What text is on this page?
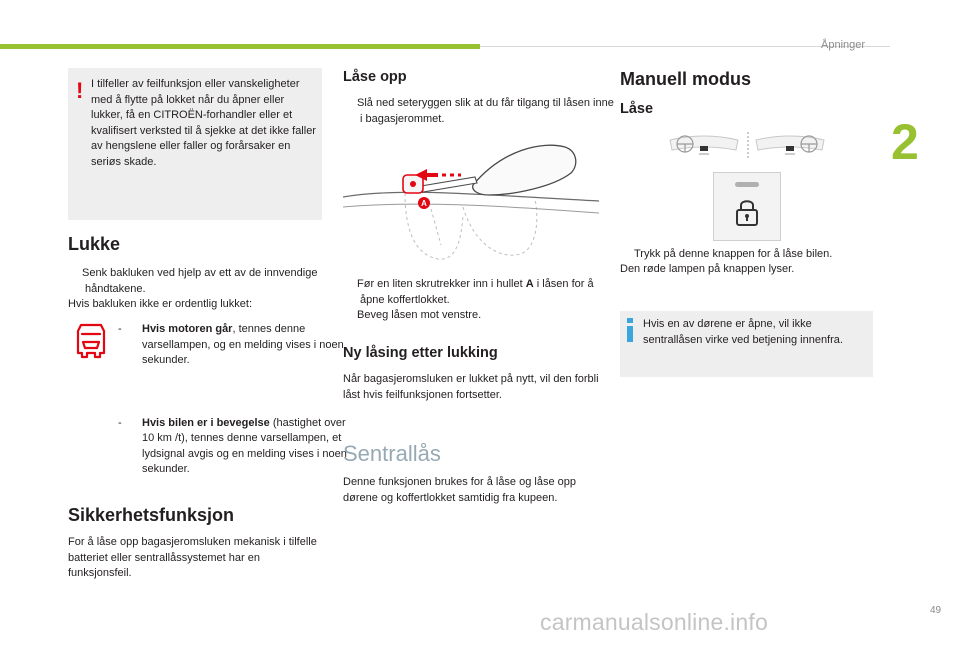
Åpninger
2
! I tilfeller av feilfunksjon eller vanskeligheter med å flytte på lokket når du åpner eller lukker, få en CITROËN-forhandler eller et kvalifisert verksted til å sjekke at det ikke faller av hengslene eller faller og forårsaker en seriøs skade.

Lukke

Senk bakluken ved hjelp av ett av de innvendige håndtakene.

Hvis bakluken ikke er ordentlig lukket:

- Hvis motoren går, tennes denne varsellampen, og en melding vises i noen sekunder.
- Hvis bilen er i bevegelse (hastighet over 10 km /t), tennes denne varsellampen, et lydsignal avgis og en melding vises i noen sekunder.
Sikkerhetsfunksjon

For å låse opp bagasjeromsluken mekanisk i tilfelle batteriet eller sentrallåssystemet har en funksjonsfeil.

Låse opp

Slå ned seteryggen slik at du får tilgang til låsen inne i bagasjerommet.

A

Før en liten skrutrekker inn i hullet A i låsen for å åpne koffertlokket.

Beveg låsen mot venstre.

Ny låsing etter lukking

Når bagasjeromsluken er lukket på nytt, vil den forbli låst hvis feilfunksjonen fortsetter.

Sentrallås

Denne funksjonen brukes for å låse og låse opp dørene og koffertlokket samtidig fra kupeen.

Manuell modus
Låse

Trykk på denne knappen for å låse bilen.

Den røde lampen på knappen lyser.

Hvis en av dørene er åpne, vil ikke sentrallåsen virke ved betjening innenfra.

49
carmanualsonline.info
